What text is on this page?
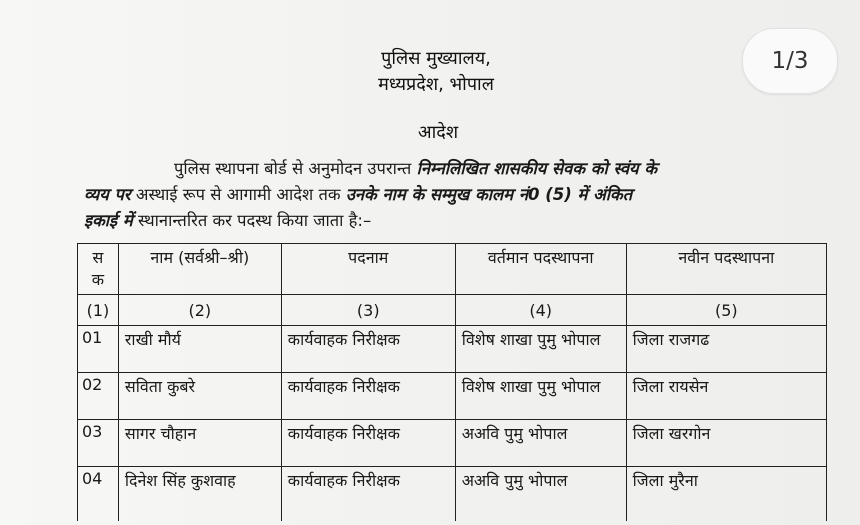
1/3
पुलिस मुख्यालय,
मध्यप्रदेश, भोपाल
आदेश
पुलिस स्थापना बोर्ड से अनुमोदन उपरान्त निम्नलिखित शासकीय सेवक को स्वंय के
व्यय पर अस्थाई रूप से आगामी आदेश तक उनके नाम के सम्मुख कालम नं0 (5) में अंकित
इकाई में स्थानान्तरित कर पदस्थ किया जाता है:–
स क	नाम (सर्वश्री–श्री)	पदनाम	वर्तमान पदस्थापना	नवीन पदस्थापना
(1)	(2)	(3)	(4)	(5)
01	राखी मौर्य	कार्यवाहक निरीक्षक	विशेष शाखा पुमु भोपाल	जिला राजगढ
02	सविता कुबरे	कार्यवाहक निरीक्षक	विशेष शाखा पुमु भोपाल	जिला रायसेन
03	सागर चौहान	कार्यवाहक निरीक्षक	अअवि पुमु भोपाल	जिला खरगोन
04	दिनेश सिंह कुशवाह	कार्यवाहक निरीक्षक	अअवि पुमु भोपाल	जिला मुरैना
